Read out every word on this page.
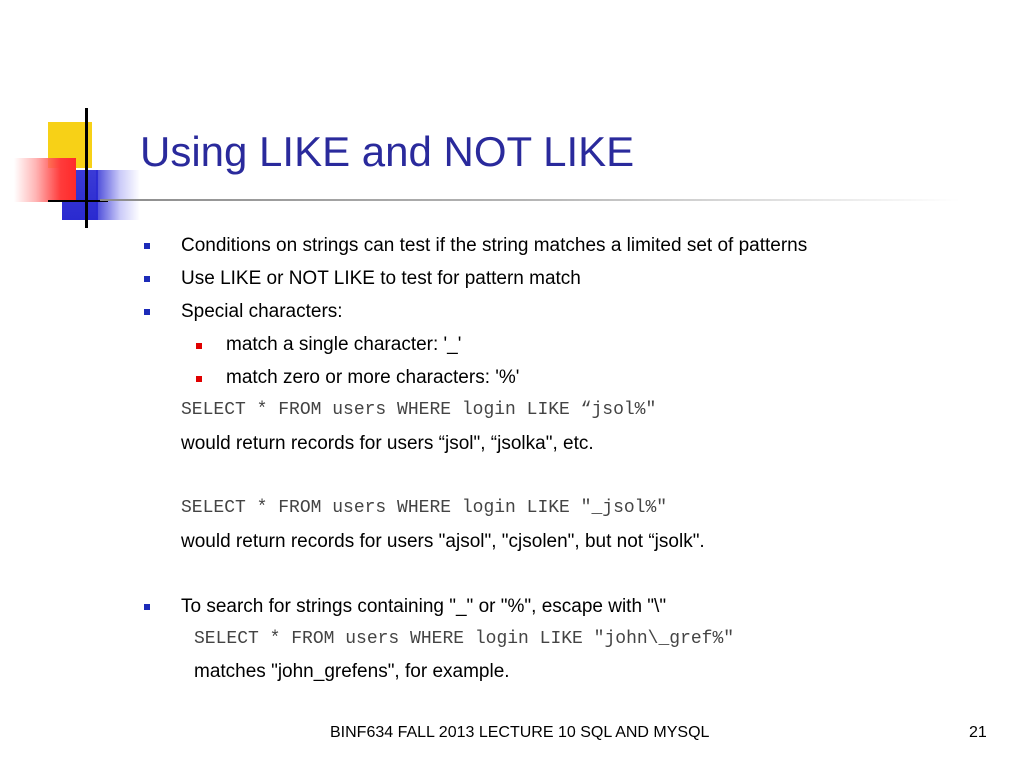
Using LIKE and NOT LIKE
Conditions on strings can test if the string matches a limited set of patterns
Use LIKE or NOT LIKE to test for pattern match
Special characters:
match a single character: '_'
match zero or more characters: '%'
SELECT * FROM users WHERE login LIKE “jsol%"
would return records for users “jsol", “jsolka", etc.
SELECT * FROM users WHERE login LIKE "_jsol%"
would return records for users "ajsol", "cjsolen", but not “jsolk".
To search for strings containing "_" or "%", escape with "\"
SELECT * FROM users WHERE login LIKE "john\_gref%"
matches "john_grefens", for example.
BINF634 FALL 2013 LECTURE 10 SQL AND MYSQL	21
